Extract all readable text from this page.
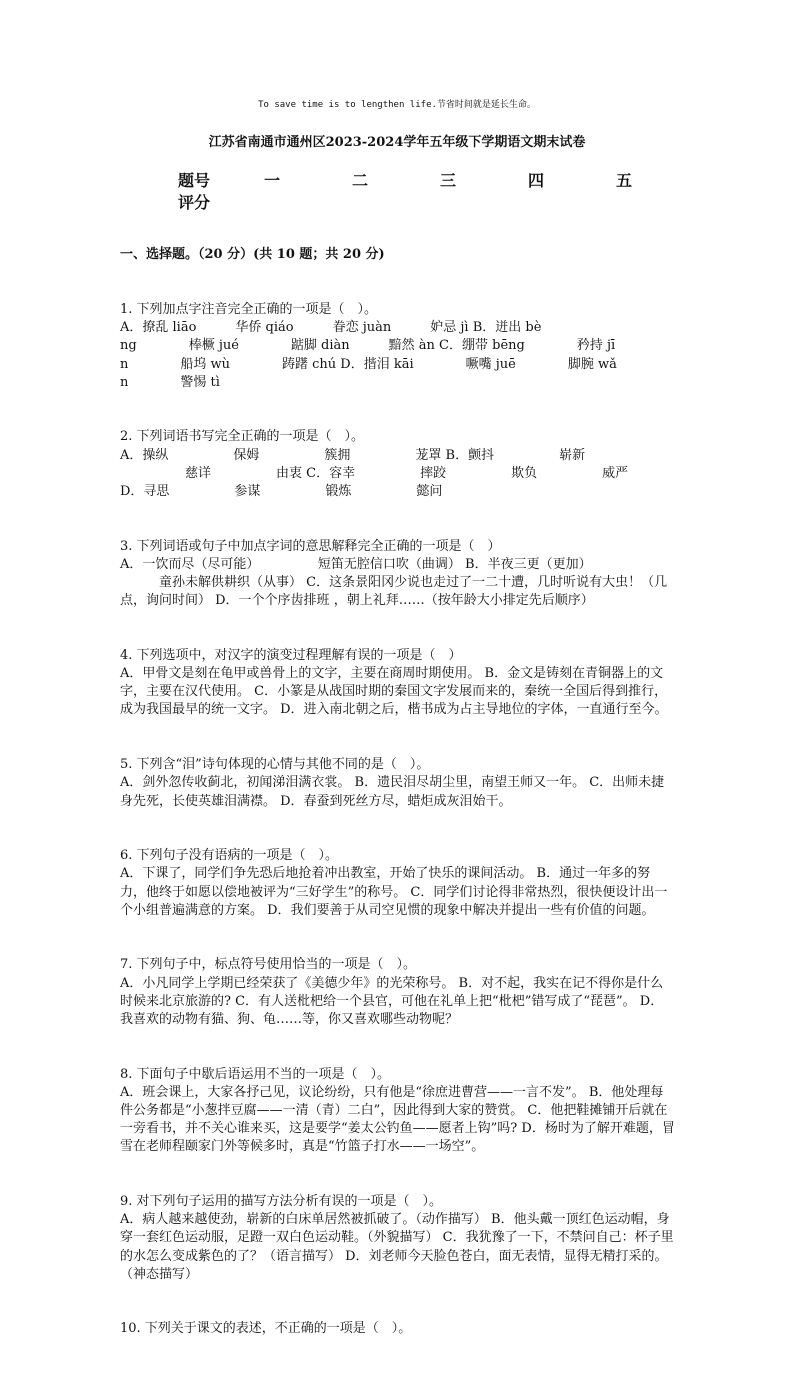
To save time is to lengthen life.节省时间就是延长生命。
江苏省南通市通州区2023-2024学年五年级下学期语文期末试卷
题号	一	二	三	四	五
评分

一、选择题。（20 分）(共 10 题；共 20 分)

1. 下列加点字注音完全正确的一项是（　）。
A．撩乱 liāo　　　华侨 qiáo　　　眷恋 juàn　　　妒忌 jì B．迸出 bè
ng　　　　棒橛 jué　　　　踮脚 diàn　　　黯然 àn C．绷带 bēng　　　　矜持 jī
n　　　　船坞 wù　　　　踌躇 chú D．揩泪 kāi　　　　噘嘴 juē　　　　脚腕 wǎ
n　　　　警惕 tì

2. 下列词语书写完全正确的一项是（　）。
A．操纵　　　　　保姆　　　　　簇拥　　　　　茏罩 B．颤抖　　　　　崭新
　　　　　慈详　　　　　由衷 C．容幸　　　　　摔跤　　　　　欺负　　　　　威严
D．寻思　　　　　参谋　　　　　锻炼　　　　　懿问

3. 下列词语或句子中加点字词的意思解释完全正确的一项是（　）
A．一饮而尽（尽可能）　　　　　短笛无腔信口吹（曲调） B．半夜三更（更加）
　　　童孙未解供耕织（从事） C．这条景阳冈少说也走过了一二十遭，几时听说有大虫！（几点，询问时间） D．一个个序齿排班 ，朝上礼拜……（按年龄大小排定先后顺序）

4. 下列选项中，对汉字的演变过程理解有误的一项是（　）
A．甲骨文是刻在龟甲或兽骨上的文字，主要在商周时期使用。 B．金文是铸刻在青铜器上的文字，主要在汉代使用。 C．小篆是从战国时期的秦国文字发展而来的，秦统一全国后得到推行，成为我国最早的统一文字。 D．进入南北朝之后，楷书成为占主导地位的字体，一直通行至今。

5. 下列含“泪”诗句体现的心情与其他不同的是（　）。
A．剑外忽传收蓟北，初闻涕泪满衣裳。 B．遗民泪尽胡尘里，南望王师又一年。 C．出师未捷身先死，长使英雄泪满襟。 D．春蚕到死丝方尽，蜡炬成灰泪始干。

6. 下列句子没有语病的一项是（　）。
A．下课了，同学们争先恐后地抢着冲出教室，开始了快乐的课间活动。 B．通过一年多的努力，他终于如愿以偿地被评为“三好学生”的称号。 C．同学们讨论得非常热烈，很快便设计出一个小组普遍满意的方案。 D．我们要善于从司空见惯的现象中解决并提出一些有价值的问题。

7. 下列句子中，标点符号使用恰当的一项是（　）。
A．小凡同学上学期已经荣获了《美德少年》的光荣称号。 B．对不起，我实在记不得你是什么时候来北京旅游的? C．有人送枇杷给一个县官，可他在礼单上把“枇杷”错写成了“琵琶”。 D．我喜欢的动物有猫、狗、龟……等，你又喜欢哪些动物呢？

8. 下面句子中歇后语运用不当的一项是（　）。
A．班会课上，大家各抒己见，议论纷纷，只有他是“徐庶进曹营——一言不发”。 B．他处理每件公务都是“小葱拌豆腐——一清（青）二白”，因此得到大家的赞赏。 C．他把鞋摊铺开后就在一旁看书，并不关心谁来买，这是要学“姜太公钓鱼——愿者上钩”吗? D．杨时为了解开难题，冒雪在老师程颐家门外等候多时，真是“竹篮子打水——一场空”。

9. 对下列句子运用的描写方法分析有误的一项是（　）。
A．病人越来越使劲，崭新的白床单居然被抓破了。（动作描写） B．他头戴一顶红色运动帽，身穿一套红色运动服，足蹬一双白色运动鞋。（外貌描写） C．我犹豫了一下，不禁问自己：杯子里的水怎么变成紫色的了？（语言描写） D．刘老师今天脸色苍白，面无表情，显得无精打采的。（神态描写）

10. 下列关于课文的表述，不正确的一项是（　）。
